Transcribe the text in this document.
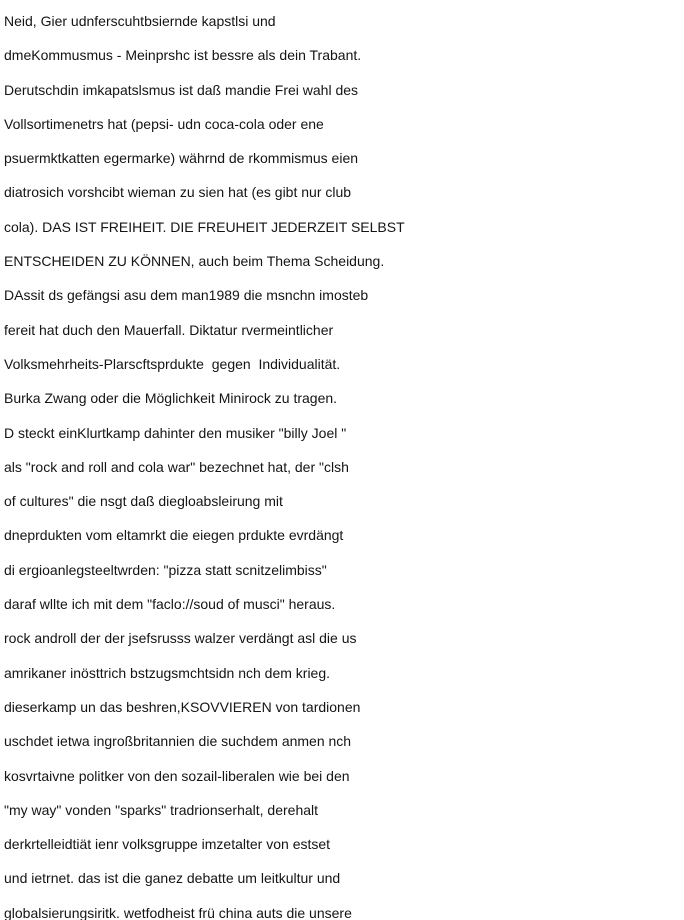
Neid, Gier udnferscuhtbsiernde kapstlsi und
dmeKommusmus - Meinprshc ist bessre als dein Trabant.
Derutschdin imkapatslsmus ist daß mandie Frei wahl des
Vollsortimenetrs hat (pepsi- udn coca-cola oder ene
psuermktkatten egermarke) währnd de rkommismus eien
diatrosich vorshcibt wieman zu sien hat (es gibt nur club
cola). DAS IST FREIHEIT. DIE FREUHEIT JEDERZEIT SELBST
ENTSCHEIDEN ZU KÖNNEN, auch beim Thema Scheidung.
DAssit ds gefängsi asu dem man1989 die msnchn imosteb
fereit hat duch den Mauerfall. Diktatur rvermeintlicher
Volksmehrheits-Plarscftsprdukte  gegen  Individualität.
Burka Zwang oder die Möglichkeit Minirock zu tragen.
D steckt einKlurtkamp dahinter den musiker "billy Joel "
als "rock and roll and cola war" bezechnet hat, der "clsh
of cultures" die nsgt daß diegloabsleirung mit
dneprdukten vom eltamrkt die eiegen prdukte evrdängt
di ergioanlegsteeltwrden: "pizza statt scnitzelimbiss"
daraf wllte ich mit dem "faclo://soud of musci" heraus.
rock androll der der jsefsrusss walzer verdängt asl die us
amrikaner inösttrich bstzugsmchtsidn nch dem krieg.
dieserkamp un das beshren,KSOVVIEREN von tardionen
uschdet ietwa ingroßbritannien die suchdem anmen nch
kosvrtaivne politker von den sozail-liberalen wie bei den
"my way" vonden "sparks" tradrionserhalt, derehalt
derkrtelleidtiät ienr volksgruppe imzetalter von estset
und ietrnet. das ist die ganez debatte um leitkultur und
globalsierungsiritk. wetfodheist frü china auts die unsere
